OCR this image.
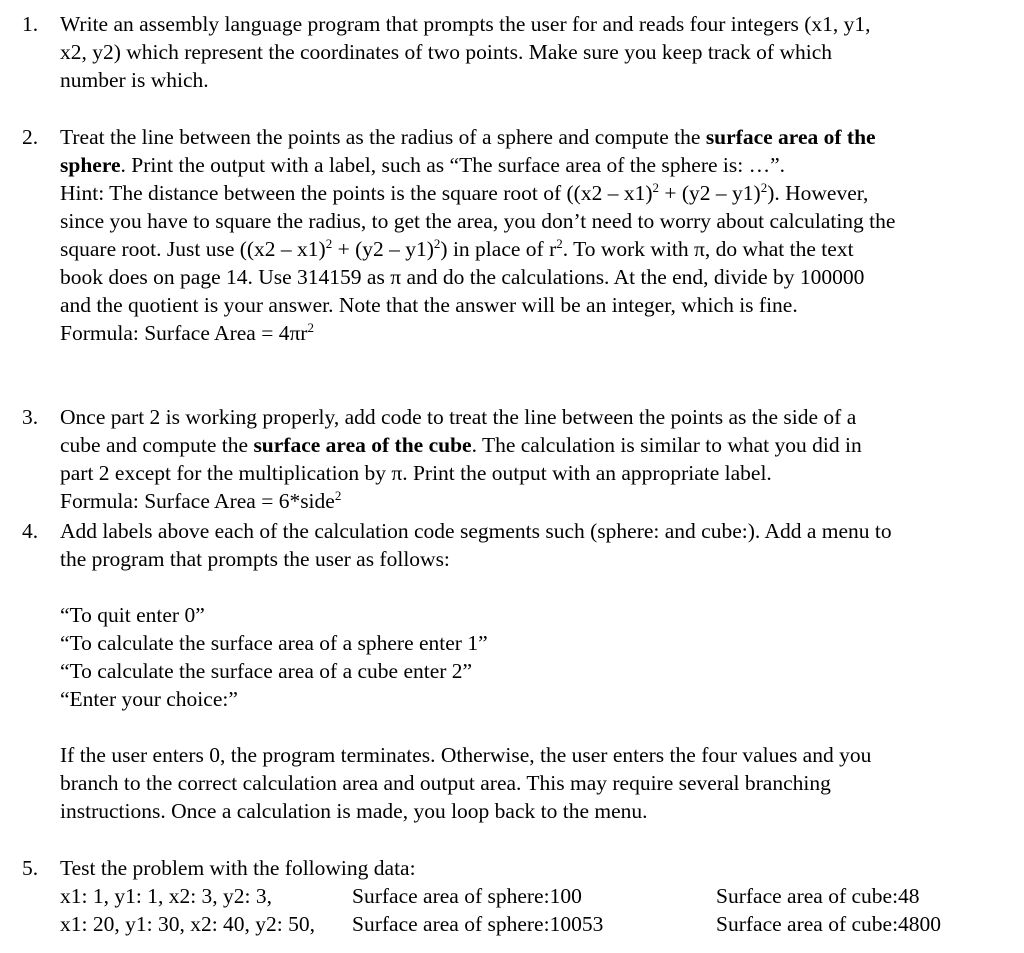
1.	Write an assembly language program that prompts the user for and reads four integers (x1, y1,
x2, y2) which represent the coordinates of two points. Make sure you keep track of which
number is which.
2.	Treat the line between the points as the radius of a sphere and compute the surface area of the
sphere. Print the output with a label, such as “The surface area of the sphere is: …”.
Hint: The distance between the points is the square root of ((x2 – x1)$^2$ + (y2 – y1)$^2$). However,
since you have to square the radius, to get the area, you don’t need to worry about calculating the
square root. Just use ((x2 – x1)$^2$ + (y2 – y1)$^2$) in place of $r^2$. To work with π, do what the text
book does on page 14. Use 314159 as π and do the calculations. At the end, divide by 100000
and the quotient is your answer. Note that the answer will be an integer, which is fine.
Formula: Surface Area = $4\pi r^2$
3.	Once part 2 is working properly, add code to treat the line between the points as the side of a
cube and compute the surface area of the cube. The calculation is similar to what you did in
part 2 except for the multiplication by π. Print the output with an appropriate label.
Formula: Surface Area = 6*side$^2$
4.	Add labels above each of the calculation code segments such (sphere: and cube:). Add a menu to
the program that prompts the user as follows:
“To quit enter 0”
“To calculate the surface area of a sphere enter 1”
“To calculate the surface area of a cube enter 2”
“Enter your choice:”
If the user enters 0, the program terminates. Otherwise, the user enters the four values and you
branch to the correct calculation area and output area. This may require several branching
instructions. Once a calculation is made, you loop back to the menu.
5.	Test the problem with the following data:
x1: 1, y1: 1, x2: 3, y2: 3,	Surface area of sphere:100	Surface area of cube:48
x1: 20, y1: 30, x2: 40, y2: 50, Surface area of sphere:10053	Surface area of cube:4800
